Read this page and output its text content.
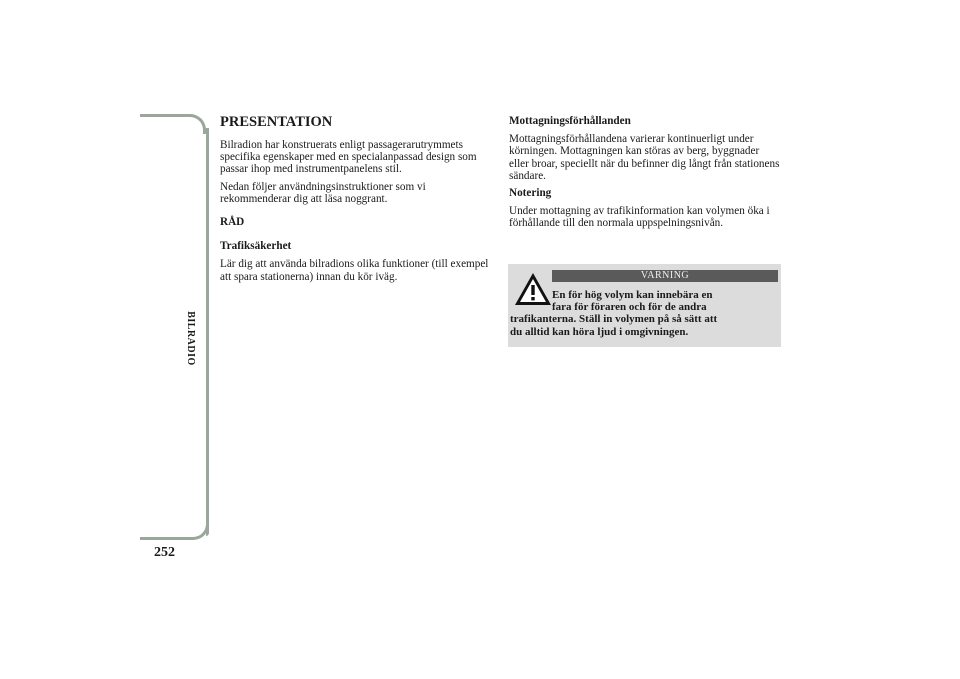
BILRADIO
252
PRESENTATION

Bilradion har konstruerats enligt passagerarutrymmets specifika egenskaper med en specialanpassad design som passar ihop med instrumentpanelens stil.

Nedan följer användningsinstruktioner som vi rekommenderar dig att läsa noggrant.

RÅD
Trafiksäkerhet

Lär dig att använda bilradions olika funktioner (till exempel att spara stationerna) innan du kör iväg.

Mottagningsförhållanden

Mottagningsförhållandena varierar kontinuerligt under körningen. Mottagningen kan störas av berg, byggnader eller broar, speciellt när du befinner dig långt från stationens sändare.

Notering

Under mottagning av trafikinformation kan volymen öka i förhållande till den normala uppspelningsnivån.

VARNING
En för hög volym kan innebära en
fara för föraren och för de andra
trafikanterna. Ställ in volymen på så sätt att
du alltid kan höra ljud i omgivningen.
